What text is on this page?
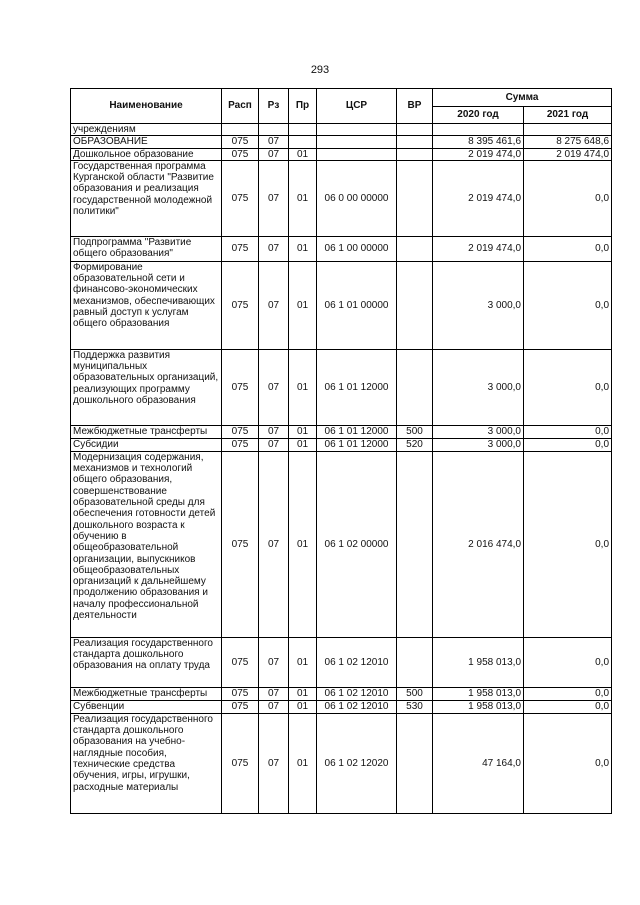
293
Наименование	Расп	Рз	Пр	ЦСР	ВР	Сумма	
						2020 год	2021 год
учреждениям							
ОБРАЗОВАНИЕ	075	07				8 395 461,6	8 275 648,6
Дошкольное образование	075	07	01			2 019 474,0	2 019 474,0
Государственная программа Курганской области "Развитие образования и реализация государственной молодежной политики"	075	07	01	06 0 00 00000		2 019 474,0	0,0
Подпрограмма "Развитие общего образования"	075	07	01	06 1 00 00000		2 019 474,0	0,0
Формирование образовательной сети и финансово-экономических механизмов, обеспечивающих равный доступ к услугам общего образования	075	07	01	06 1 01 00000		3 000,0	0,0
Поддержка развития муниципальных образовательных организаций, реализующих программу дошкольного образования	075	07	01	06 1 01 12000		3 000,0	0,0
Межбюджетные трансферты	075	07	01	06 1 01 12000	500	3 000,0	0,0
Субсидии	075	07	01	06 1 01 12000	520	3 000,0	0,0
Модернизация содержания, механизмов и технологий общего образования, совершенствование образовательной среды для обеспечения готовности детей дошкольного возраста к обучению в общеобразовательной организации, выпускников общеобразовательных организаций к дальнейшему продолжению образования и началу профессиональной деятельности	075	07	01	06 1 02 00000		2 016 474,0	0,0
Реализация государственного стандарта дошкольного образования на оплату труда	075	07	01	06 1 02 12010		1 958 013,0	0,0
Межбюджетные трансферты	075	07	01	06 1 02 12010	500	1 958 013,0	0,0
Субвенции	075	07	01	06 1 02 12010	530	1 958 013,0	0,0
Реализация государственного стандарта дошкольного образования на учебно-наглядные пособия, технические средства обучения, игры, игрушки, расходные материалы	075	07	01	06 1 02 12020		47 164,0	0,0
